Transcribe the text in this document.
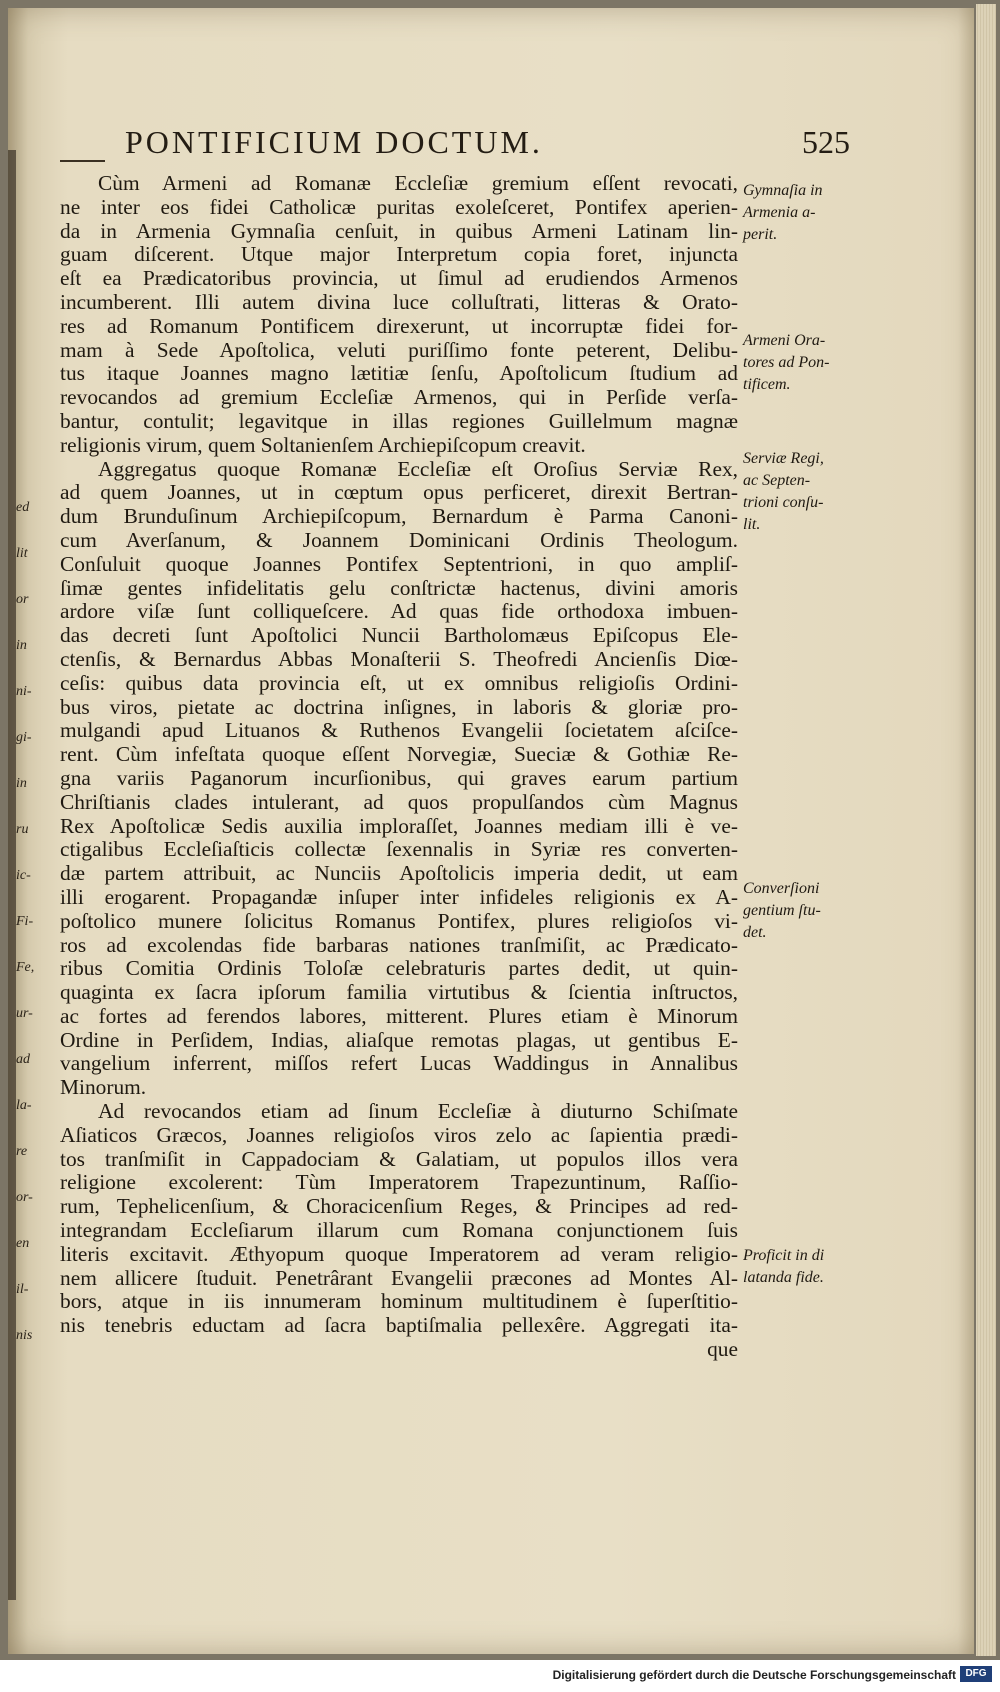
ed
lit
or
in
ni-
gi-
in
ru
ic-
Fi-
Fe,
ur-
ad
la-
re
or-
en
il-
nis
PONTIFICIUM DOCTUM.	525
Cùm Armeni ad Romanæ Eccleſiæ gremium eſſent revocati,
ne inter eos fidei Catholicæ puritas exoleſceret, Pontifex aperien-
da in Armenia Gymnaſia cenſuit, in quibus Armeni Latinam lin-
guam diſcerent. Utque major Interpretum copia foret, injuncta
eſt ea Prædicatoribus provincia, ut ſimul ad erudiendos Armenos
incumberent. Illi autem divina luce colluſtrati, litteras & Orato-
res ad Romanum Pontificem direxerunt, ut incorruptæ fidei for-
mam à Sede Apoſtolica, veluti puriſſimo fonte peterent, Delibu-
tus itaque Joannes magno lætitiæ ſenſu, Apoſtolicum ſtudium ad
revocandos ad gremium Eccleſiæ Armenos, qui in Perſide verſa-
bantur, contulit; legavitque in illas regiones Guillelmum magnæ
religionis virum, quem Soltanienſem Archiepiſcopum creavit.
Aggregatus quoque Romanæ Eccleſiæ eſt Oroſius Serviæ Rex,
ad quem Joannes, ut in cœptum opus perficeret, direxit Bertran-
dum Brunduſinum Archiepiſcopum, Bernardum è Parma Canoni-
cum Averſanum, & Joannem Dominicani Ordinis Theologum.
Conſuluit quoque Joannes Pontifex Septentrioni, in quo ampliſ-
ſimæ gentes infidelitatis gelu conſtrictæ hactenus, divini amoris
ardore viſæ ſunt colliqueſcere. Ad quas fide orthodoxa imbuen-
das decreti ſunt Apoſtolici Nuncii Bartholomæus Epiſcopus Ele-
ctenſis, & Bernardus Abbas Monaſterii S. Theofredi Ancienſis Diœ-
ceſis: quibus data provincia eſt, ut ex omnibus religioſis Ordini-
bus viros, pietate ac doctrina inſignes, in laboris & gloriæ pro-
mulgandi apud Lituanos & Ruthenos Evangelii ſocietatem aſciſce-
rent. Cùm infeſtata quoque eſſent Norvegiæ, Sueciæ & Gothiæ Re-
gna variis Paganorum incurſionibus, qui graves earum partium
Chriſtianis clades intulerant, ad quos propulſandos cùm Magnus
Rex Apoſtolicæ Sedis auxilia imploraſſet, Joannes mediam illi è ve-
ctigalibus Eccleſiaſticis collectæ ſexennalis in Syriæ res converten-
dæ partem attribuit, ac Nunciis Apoſtolicis imperia dedit, ut eam
illi erogarent. Propagandæ inſuper inter infideles religionis ex A-
poſtolico munere ſolicitus Romanus Pontifex, plures religioſos vi-
ros ad excolendas fide barbaras nationes tranſmiſit, ac Prædicato-
ribus Comitia Ordinis Toloſæ celebraturis partes dedit, ut quin-
quaginta ex ſacra ipſorum familia virtutibus & ſcientia inſtructos,
ac fortes ad ferendos labores, mitterent. Plures etiam è Minorum
Ordine in Perſidem, Indias, aliaſque remotas plagas, ut gentibus E-
vangelium inferrent, miſſos refert Lucas Waddingus in Annalibus
Minorum.
Ad revocandos etiam ad ſinum Eccleſiæ à diuturno Schiſmate
Aſiaticos Græcos, Joannes religioſos viros zelo ac ſapientia prædi-
tos tranſmiſit in Cappadociam & Galatiam, ut populos illos vera
religione excolerent: Tùm Imperatorem Trapezuntinum, Raſſio-
rum, Tephelicenſium, & Choracicenſium Reges, & Principes ad red-
integrandam Eccleſiarum illarum cum Romana conjunctionem ſuis
literis excitavit. Æthyopum quoque Imperatorem ad veram religio-
nem allicere ſtuduit. Penetrârant Evangelii præcones ad Montes Al-
bors, atque in iis innumeram hominum multitudinem è ſuperſtitio-
nis tenebris eductam ad ſacra baptiſmalia pellexêre. Aggregati ita-
que
Gymnaſia in
Armenia a-
perit.
Armeni Ora-
tores ad Pon-
tificem.
Serviæ Regi,
ac Septen-
trioni conſu-
lit.
Converſioni
gentium ſtu-
det.
Proficit in di
latanda fide.
Digitalisierung gefördert durch die Deutsche Forschungsgemeinschaft DFG
